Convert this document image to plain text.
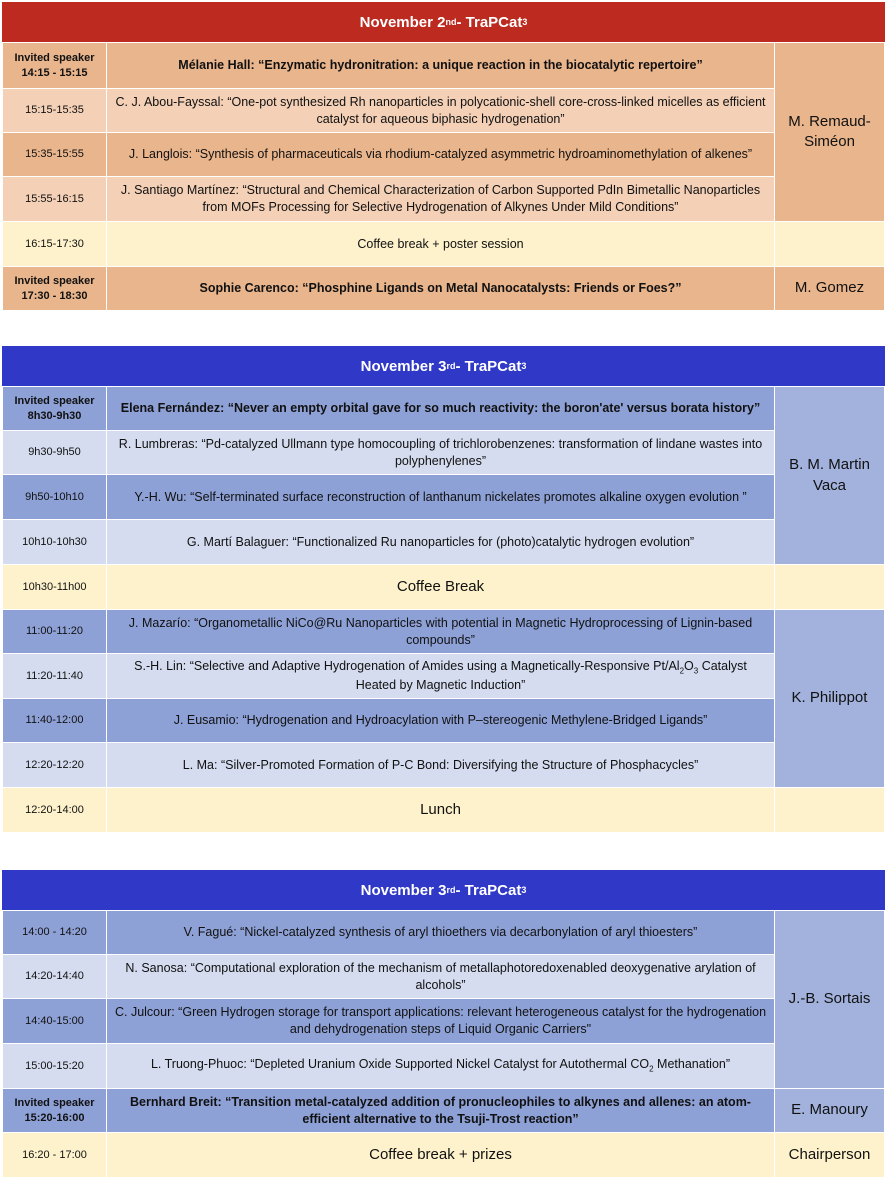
November 2 nd - TraPCat 3
Invited speaker
14:15 - 15:15	Mélanie Hall: “Enzymatic hydronitration: a unique reaction in the biocatalytic repertoire”	M. Remaud-Siméon
15:15-15:35	C. J. Abou-Fayssal: “One-pot synthesized Rh nanoparticles in polycationic-shell core-cross-linked micelles as efficient catalyst for aqueous biphasic hydrogenation”	
15:35-15:55	J. Langlois: “Synthesis of pharmaceuticals via rhodium-catalyzed asymmetric hydroaminomethylation of alkenes”	
15:55-16:15	J. Santiago Martínez: “Structural and Chemical Characterization of Carbon Supported PdIn Bimetallic Nanoparticles from MOFs Processing for Selective Hydrogenation of Alkynes Under Mild Conditions”	
16:15-17:30	Coffee break + poster session	
Invited speaker
17:30 - 18:30	Sophie Carenco: “Phosphine Ligands on Metal Nanocatalysts: Friends or Foes?”	M. Gomez
November 3 rd - TraPCat 3
Invited speaker
8h30-9h30	Elena Fernández: “Never an empty orbital gave for so much reactivity: the boron'ate' versus borata history”	B. M. Martin Vaca
9h30-9h50	R. Lumbreras: “Pd-catalyzed Ullmann type homocoupling of trichlorobenzenes: transformation of lindane wastes into polyphenylenes”	
9h50-10h10	Y.-H. Wu: “Self-terminated surface reconstruction of lanthanum nickelates promotes alkaline oxygen evolution ”	
10h10-10h30	G. Martí Balaguer: “Functionalized Ru nanoparticles for (photo)catalytic hydrogen evolution”	
10h30-11h00	Coffee Break	
11:00-11:20	J. Mazarío: “Organometallic NiCo@Ru Nanoparticles with potential in Magnetic Hydroprocessing of Lignin-based compounds”	K. Philippot
11:20-11:40	S.-H. Lin: “Selective and Adaptive Hydrogenation of Amides using a Magnetically-Responsive $Pt/Al_2O_3$ Catalyst Heated by Magnetic Induction”	
11:40-12:00	J. Eusamio: “Hydrogenation and Hydroacylation with P–stereogenic Methylene-Bridged Ligands”	
12:20-12:20	L. Ma: “Silver-Promoted Formation of P-C Bond: Diversifying the Structure of Phosphacycles”	
12:20-14:00	Lunch	
November 3 rd - TraPCat 3
14:00 - 14:20	V. Fagué: “Nickel-catalyzed synthesis of aryl thioethers via decarbonylation of aryl thioesters”	J.-B. Sortais
14:20-14:40	N. Sanosa: “Computational exploration of the mechanism of metallaphotoredoxenabled deoxygenative arylation of alcohols”	
14:40-15:00	C. Julcour: “Green Hydrogen storage for transport applications: relevant heterogeneous catalyst for the hydrogenation and dehydrogenation steps of Liquid Organic Carriers"	
15:00-15:20	L. Truong-Phuoc: “Depleted Uranium Oxide Supported Nickel Catalyst for Autothermal $CO_2$ Methanation”	
Invited speaker
15:20-16:00	Bernhard Breit: “Transition metal-catalyzed addition of pronucleophiles to alkynes and allenes: an atom-efficient alternative to the Tsuji-Trost reaction”	E. Manoury
16:20 - 17:00	Coffee break + prizes	Chairperson
